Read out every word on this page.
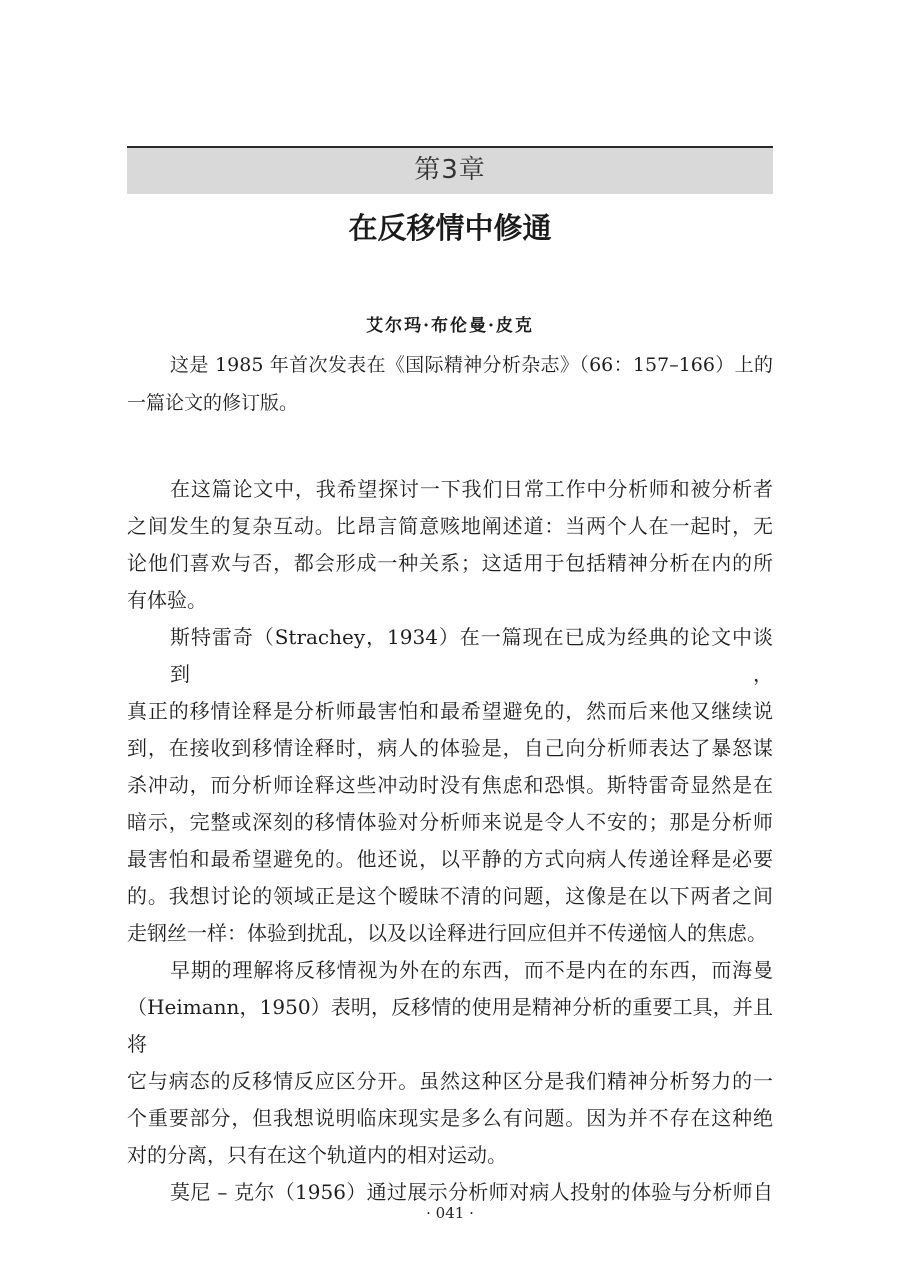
第3章
在反移情中修通
艾尔玛·布伦曼·皮克
这是 1985 年首次发表在《国际精神分析杂志》（66：157–166）上的
一篇论文的修订版。
在这篇论文中，我希望探讨一下我们日常工作中分析师和被分析者
之间发生的复杂互动。比昂言简意赅地阐述道：当两个人在一起时，无
论他们喜欢与否，都会形成一种关系；这适用于包括精神分析在内的所
有体验。
斯特雷奇（Strachey，1934）在一篇现在已成为经典的论文中谈到，
真正的移情诠释是分析师最害怕和最希望避免的，然而后来他又继续说
到，在接收到移情诠释时，病人的体验是，自己向分析师表达了暴怒谋
杀冲动，而分析师诠释这些冲动时没有焦虑和恐惧。斯特雷奇显然是在
暗示，完整或深刻的移情体验对分析师来说是令人不安的；那是分析师
最害怕和最希望避免的。他还说，以平静的方式向病人传递诠释是必要
的。我想讨论的领域正是这个暧昧不清的问题，这像是在以下两者之间
走钢丝一样：体验到扰乱，以及以诠释进行回应但并不传递恼人的焦虑。
早期的理解将反移情视为外在的东西，而不是内在的东西，而海曼
（Heimann，1950）表明，反移情的使用是精神分析的重要工具，并且将
它与病态的反移情反应区分开。虽然这种区分是我们精神分析努力的一
个重要部分，但我想说明临床现实是多么有问题。因为并不存在这种绝
对的分离，只有在这个轨道内的相对运动。
莫尼 – 克尔（1956）通过展示分析师对病人投射的体验与分析师自
· 041 ·
